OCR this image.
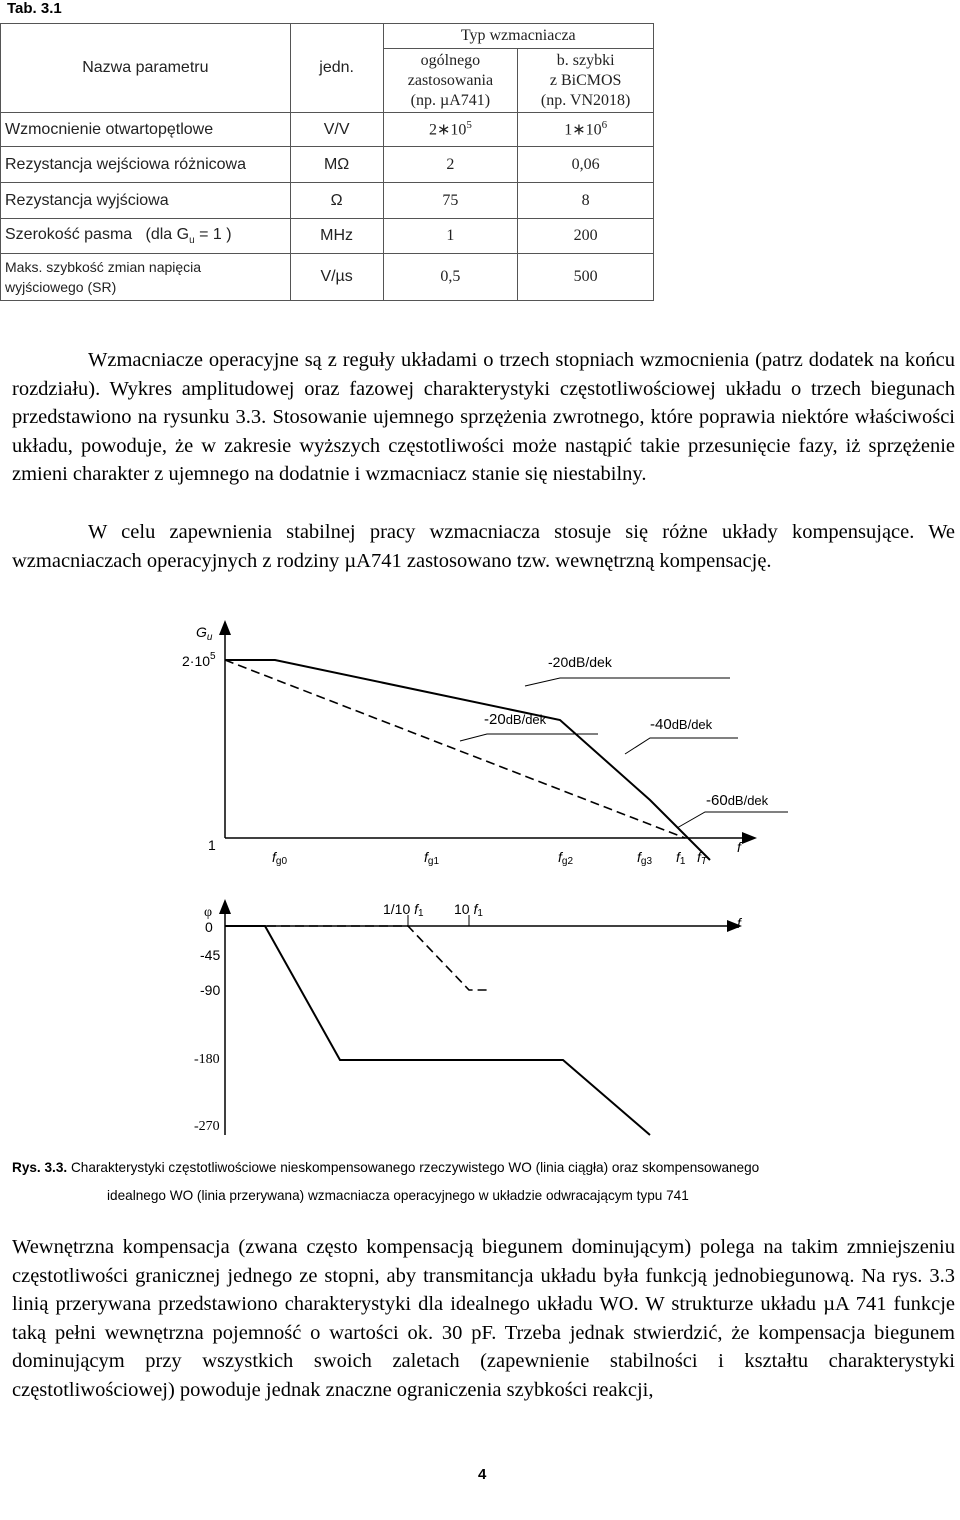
Tab. 3.1
Nazwa parametru	jedn.	Typ wzmacniacza	
		ogólnego
zastosowania
(np. µA741)	b. szybki
z BiCMOS
(np. VN2018)
Wzmocnienie otwartopętlowe	V/V	$2∗10^5$	$1∗10^6$
Rezystancja wejściowa różnicowa	MΩ	2	0,06
Rezystancja wyjściowa	Ω	75	8
Szerokość pasma   (dla $G_u = 1$ )	MHz	1	200
Maks. szybkość zmian napięcia
wyjściowego (SR)	V/µs	0,5	500

Wzmacniacze operacyjne są z reguły układami o trzech stopniach wzmocnienia (patrz dodatek na końcu rozdziału). Wykres amplitudowej oraz fazowej charakterystyki częstotliwościowej układu o trzech biegunach przedstawiono na rysunku 3.3. Stosowanie ujemnego sprzężenia zwrotnego, które poprawia niektóre właściwości układu, powoduje, że w zakresie wyższych częstotliwości może nastąpić takie przesunięcie fazy, iż sprzężenie zmieni charakter z ujemnego na dodatnie i wzmacniacz stanie się niestabilny.

W celu zapewnienia stabilnej pracy wzmacniacza stosuje się różne układy kompensujące. We wzmacniaczach operacyjnych z rodziny µA741 zastosowano tzw. wewnętrzną kompensację.

$G_u$
$2\cdot 10^5$
1
-20dB/dek
-20dB/dek	-40dB/dek
-60dB/dek
fg0	fg1	fg2	fg3 f1 fT
f
φ
0
-45
-90
-180
-270
1/10 f1 10 f1
f
Rys. 3.3. Charakterystyki częstotliwościowe nieskompensowanego rzeczywistego WO (linia ciągła) oraz skompensowanego
idealnego WO (linia przerywana) wzmacniacza operacyjnego w układzie odwracającym typu 741

Wewnętrzna kompensacja (zwana często kompensacją biegunem dominującym) polega na takim zmniejszeniu częstotliwości granicznej jednego ze stopni, aby transmitancja układu była funkcją jednobiegunową. Na rys. 3.3 linią przerywana przedstawiono charakterystyki dla idealnego układu WO. W strukturze układu µA 741 funkcje taką pełni wewnętrzna pojemność o wartości ok. 30 pF. Trzeba jednak stwierdzić, że kompensacja biegunem dominującym przy wszystkich swoich zaletach (zapewnienie stabilności i kształtu charakterystyki częstotliwościowej) powoduje jednak znaczne ograniczenia szybkości reakcji,

4
